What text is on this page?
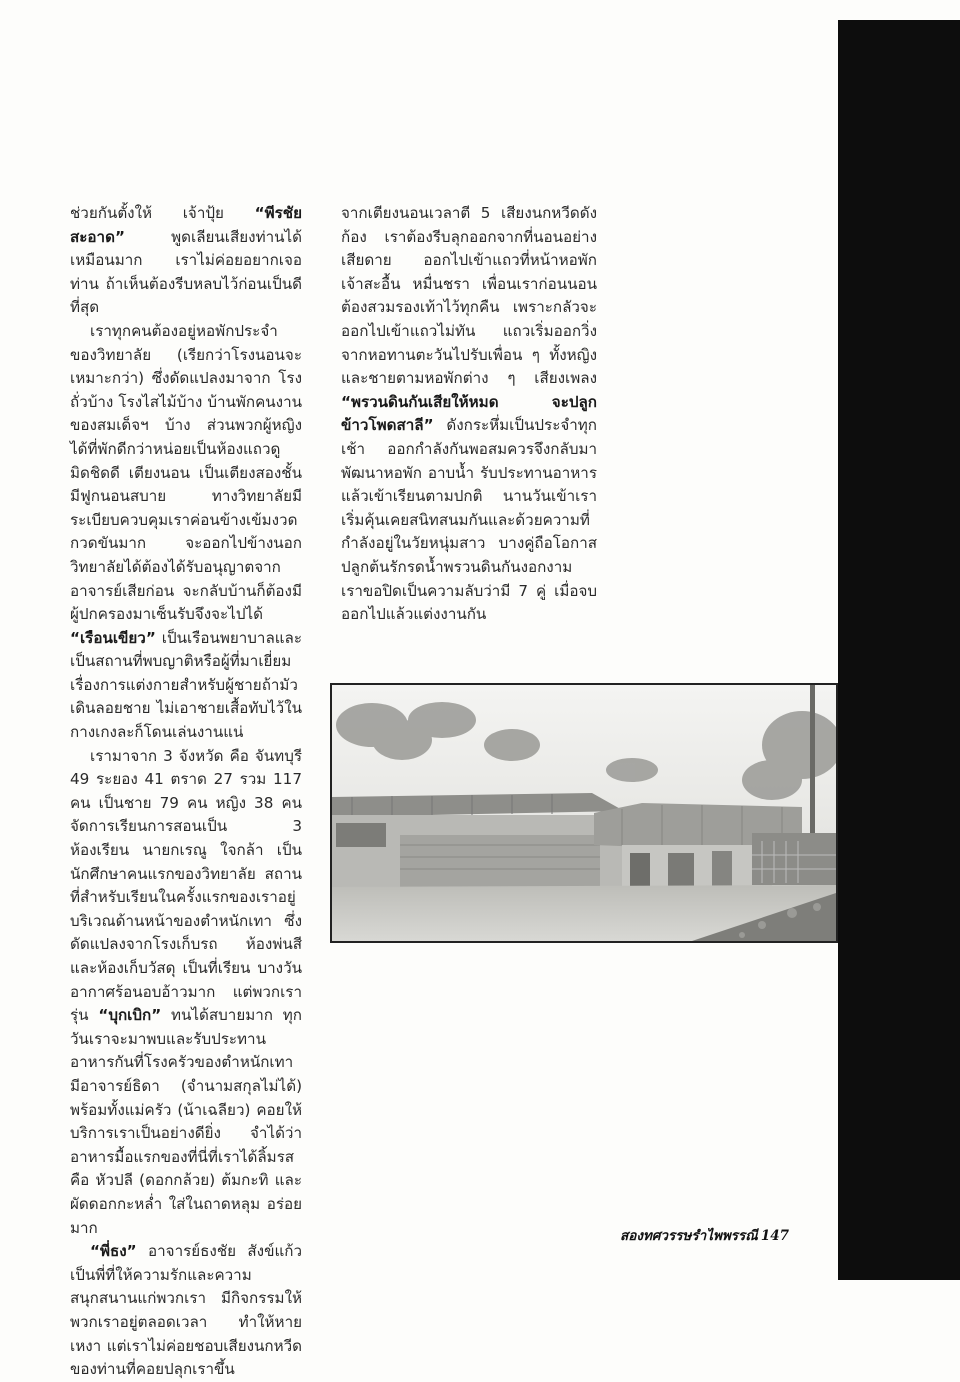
ช่วยกันตั้งให้ เจ้าปุ้ย “พีรชัย สะอาด”	พูดเลียนเสียงท่านได้เหมือนมาก เราไม่ค่อยอยากเจอท่าน ถ้าเห็นต้องรีบหลบไว้ก่อนเป็นดีที่สุด

เราทุกคนต้องอยู่หอพักประจำของวิทยาลัย (เรียกว่าโรงนอนจะเหมาะกว่า) ซึ่งดัดแปลงมาจาก โรงถั่วบ้าง โรงไสไม้บ้าง บ้านพักคนงานของสมเด็จฯ บ้าง ส่วนพวกผู้หญิงได้ที่พักดีกว่าหน่อยเป็นห้องแถวดูมิดชิดดี เตียงนอน เป็นเตียงสองชั้น มีฟูกนอนสบาย ทางวิทยาลัยมีระเบียบควบคุมเราค่อนข้างเข้มงวดกวดขันมาก จะออกไปข้างนอกวิทยาลัยได้ต้องได้รับอนุญาตจากอาจารย์เสียก่อน จะกลับบ้านก็ต้องมีผู้ปกครองมาเซ็นรับจึงจะไปได้ “เรือนเขียว” เป็นเรือนพยาบาลและเป็นสถานที่พบญาติหรือผู้ที่มาเยี่ยม เรื่องการแต่งกายสำหรับผู้ชายถ้ามัวเดินลอยชาย ไม่เอาชายเสื้อทับไว้ในกางเกงละก็โดนเล่นงานแน่

เรามาจาก 3 จังหวัด คือ จันทบุรี 49 ระยอง 41 ตราด 27 รวม 117 คน เป็นชาย 79 คน หญิง 38 คน จัดการเรียนการสอนเป็น 3 ห้องเรียน นายกเรณู ใจกล้า เป็นนักศึกษาคนแรกของวิทยาลัย สถานที่สำหรับเรียนในครั้งแรกของเราอยู่บริเวณด้านหน้าของตำหนักเทา ซึ่งดัดแปลงจากโรงเก็บรถ ห้องพ่นสี และห้องเก็บวัสดุ เป็นที่เรียน บางวันอากาศร้อนอบอ้าวมาก แต่พวกเรารุ่น “บุกเบิก” ทนได้สบายมาก ทุกวันเราจะมาพบและรับประทานอาหารกันที่โรงครัวของตำหนักเทามีอาจารย์ธิดา (จำนามสกุลไม่ได้) พร้อมทั้งแม่ครัว (น้าเฉลียว) คอยให้บริการเราเป็นอย่างดียิ่ง จำได้ว่าอาหารมื้อแรกของที่นี่ที่เราได้ลิ้มรสคือ หัวปลี (ดอกกล้วย) ต้มกะทิ และผัดดอกกะหล่ำ ใส่ในถาดหลุม อร่อยมาก

“พี่ธง” อาจารย์ธงชัย สังข์แก้ว เป็นพี่ที่ให้ความรักและความสนุกสนานแก่พวกเรา มีกิจกรรมให้พวกเราอยู่ตลอดเวลา ทำให้หายเหงา แต่เราไม่ค่อยชอบเสียงนกหวีดของท่านที่คอยปลุกเราขึ้น

จากเตียงนอนเวลาตี 5 เสียงนกหวีดดังก้อง เราต้องรีบลุกออกจากที่นอนอย่างเสียดาย ออกไปเข้าแถวที่หน้าหอพัก เจ้าสะอื้น หมื่นชรา เพื่อนเราก่อนนอนต้องสวมรองเท้าไว้ทุกคืน เพราะกลัวจะออกไปเข้าแถวไม่ทัน แถวเริ่มออกวิ่งจากหอทานตะวันไปรับเพื่อน ๆ ทั้งหญิงและชายตามหอพักต่าง ๆ เสียงเพลง “พรวนดินกันเสียให้หมด จะปลูกข้าวโพดสาลี” ดังกระหึ่มเป็นประจำทุกเช้า ออกกำลังกันพอสมควรจึงกลับมาพัฒนาหอพัก อาบน้ำ รับประทานอาหารแล้วเข้าเรียนตามปกติ นานวันเข้าเราเริ่มคุ้นเคยสนิทสนมกันและด้วยความที่กำลังอยู่ในวัยหนุ่มสาว บางคู่ถือโอกาสปลูกต้นรักรดน้ำพรวนดินกันงอกงาม เราขอปิดเป็นความลับว่ามี 7 คู่ เมื่อจบออกไปแล้วแต่งงานกัน

สองทศวรรษรำไพพรรณี 147
